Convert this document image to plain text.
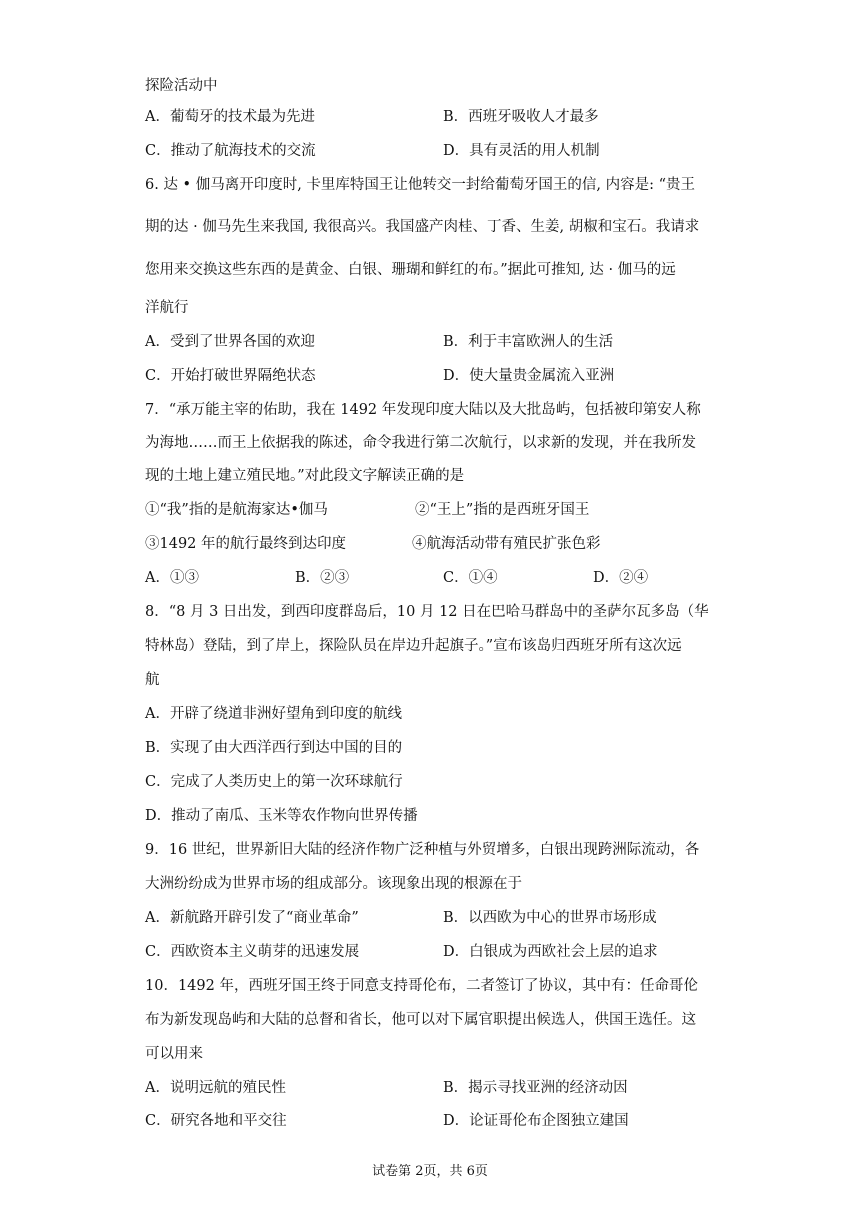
探险活动中
A．葡萄牙的技术最为先进	B．西班牙吸收人才最多
C．推动了航海技术的交流	D．具有灵活的用人机制
6. 达 • 伽马离开印度时, 卡里库特国王让他转交一封给葡萄牙国王的信, 内容是: “贵王
期的达 · 伽马先生来我国, 我很高兴。我国盛产肉桂、丁香、生姜, 胡椒和宝石。我请求
您用来交换这些东西的是黄金、白银、珊瑚和鲜红的布。”据此可推知, 达 · 伽马的远
洋航行
A．受到了世界各国的欢迎	B．利于丰富欧洲人的生活
C．开始打破世界隔绝状态	D．使大量贵金属流入亚洲
7．“承万能主宰的佑助，我在 1492 年发现印度大陆以及大批岛屿，包括被印第安人称
为海地……而王上依据我的陈述，命令我进行第二次航行，以求新的发现，并在我所发
现的土地上建立殖民地。”对此段文字解读正确的是
①“我”指的是航海家达•伽马	②“王上”指的是西班牙国王
③1492 年的航行最终到达印度	④航海活动带有殖民扩张色彩
A．①③	B．②③	C．①④	D．②④
8．“8 月 3 日出发，到西印度群岛后，10 月 12 日在巴哈马群岛中的圣萨尔瓦多岛（华
特林岛）登陆，到了岸上，探险队员在岸边升起旗子。”宣布该岛归西班牙所有这次远
航
A．开辟了绕道非洲好望角到印度的航线
B．实现了由大西洋西行到达中国的目的
C．完成了人类历史上的第一次环球航行
D．推动了南瓜、玉米等农作物向世界传播
9．16 世纪，世界新旧大陆的经济作物广泛种植与外贸增多，白银出现跨洲际流动，各
大洲纷纷成为世界市场的组成部分。该现象出现的根源在于
A．新航路开辟引发了“商业革命”	B．以西欧为中心的世界市场形成
C．西欧资本主义萌芽的迅速发展	D．白银成为西欧社会上层的追求
10．1492 年，西班牙国王终于同意支持哥伦布，二者签订了协议，其中有：任命哥伦
布为新发现岛屿和大陆的总督和省长，他可以对下属官职提出候选人，供国王选任。这
可以用来
A．说明远航的殖民性	B．揭示寻找亚洲的经济动因
C．研究各地和平交往	D．论证哥伦布企图独立建国
试卷第 2页，共 6页
